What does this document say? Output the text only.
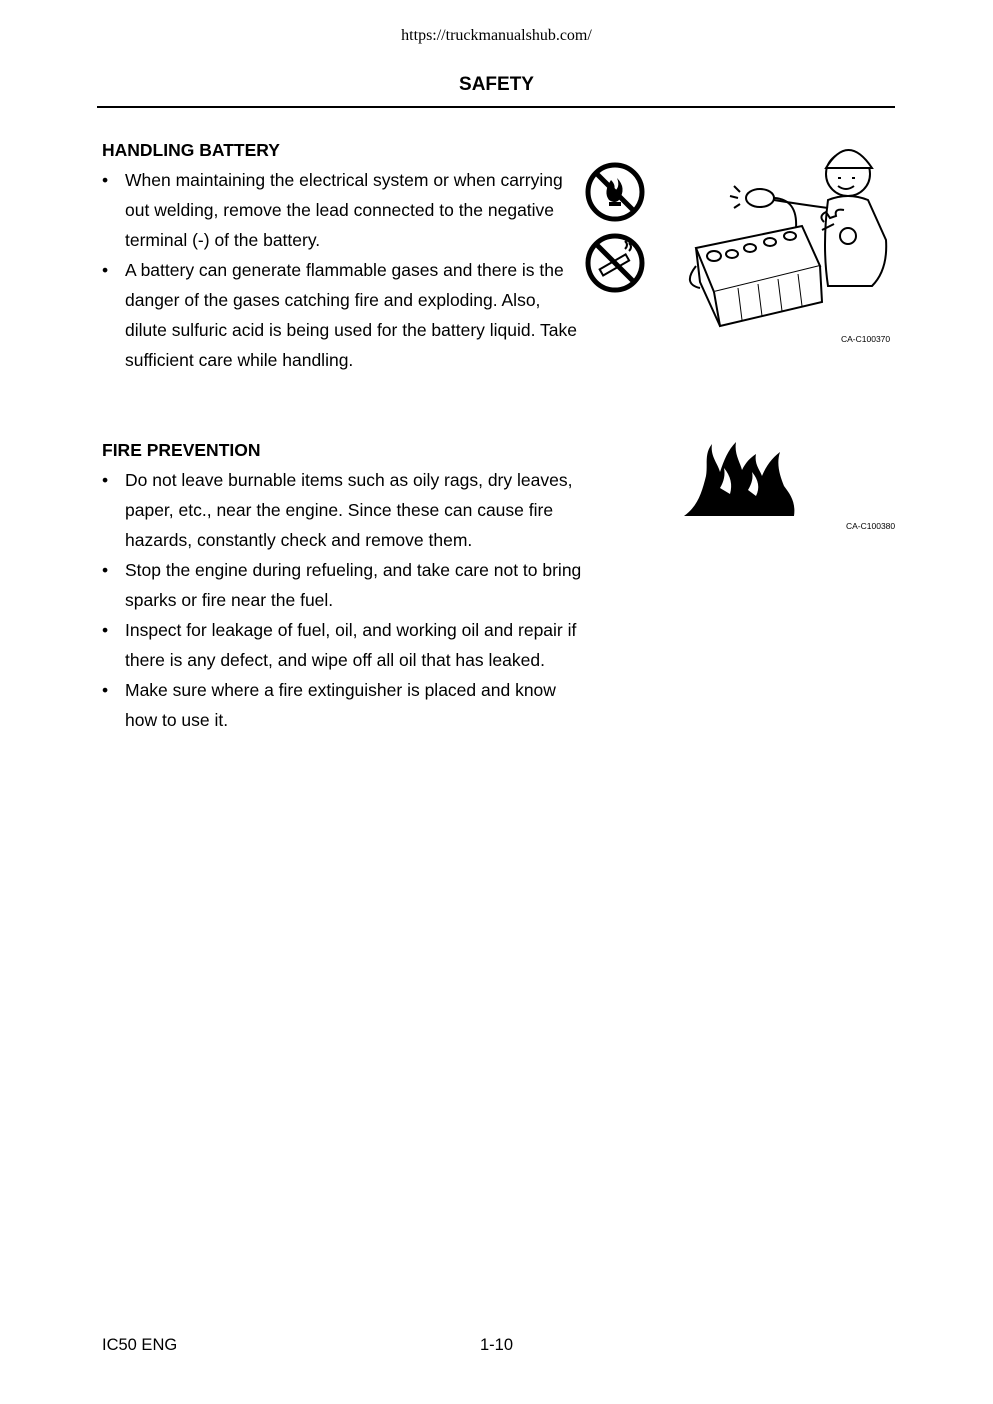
https://truckmanualshub.com/
SAFETY
HANDLING BATTERY
• When maintaining the electrical system or when carrying out welding, remove the lead connected to the negative terminal (-) of the battery.
• A battery can generate flammable gases and there is the danger of the gases catching fire and exploding. Also, dilute sulfuric acid is being used for the battery liquid. Take sufficient care while handling.
CA-C100370
FIRE PREVENTION
• Do not leave burnable items such as oily rags, dry leaves, paper, etc., near the engine. Since these can cause fire hazards, constantly check and remove them.
• Stop the engine during refueling, and take care not to bring sparks or fire near the fuel.
• Inspect for leakage of fuel, oil, and working oil and repair if there is any defect, and wipe off all oil that has leaked.
• Make sure where a fire extinguisher is placed and know how to use it.
CA-C100380
IC50 ENG	1-10
